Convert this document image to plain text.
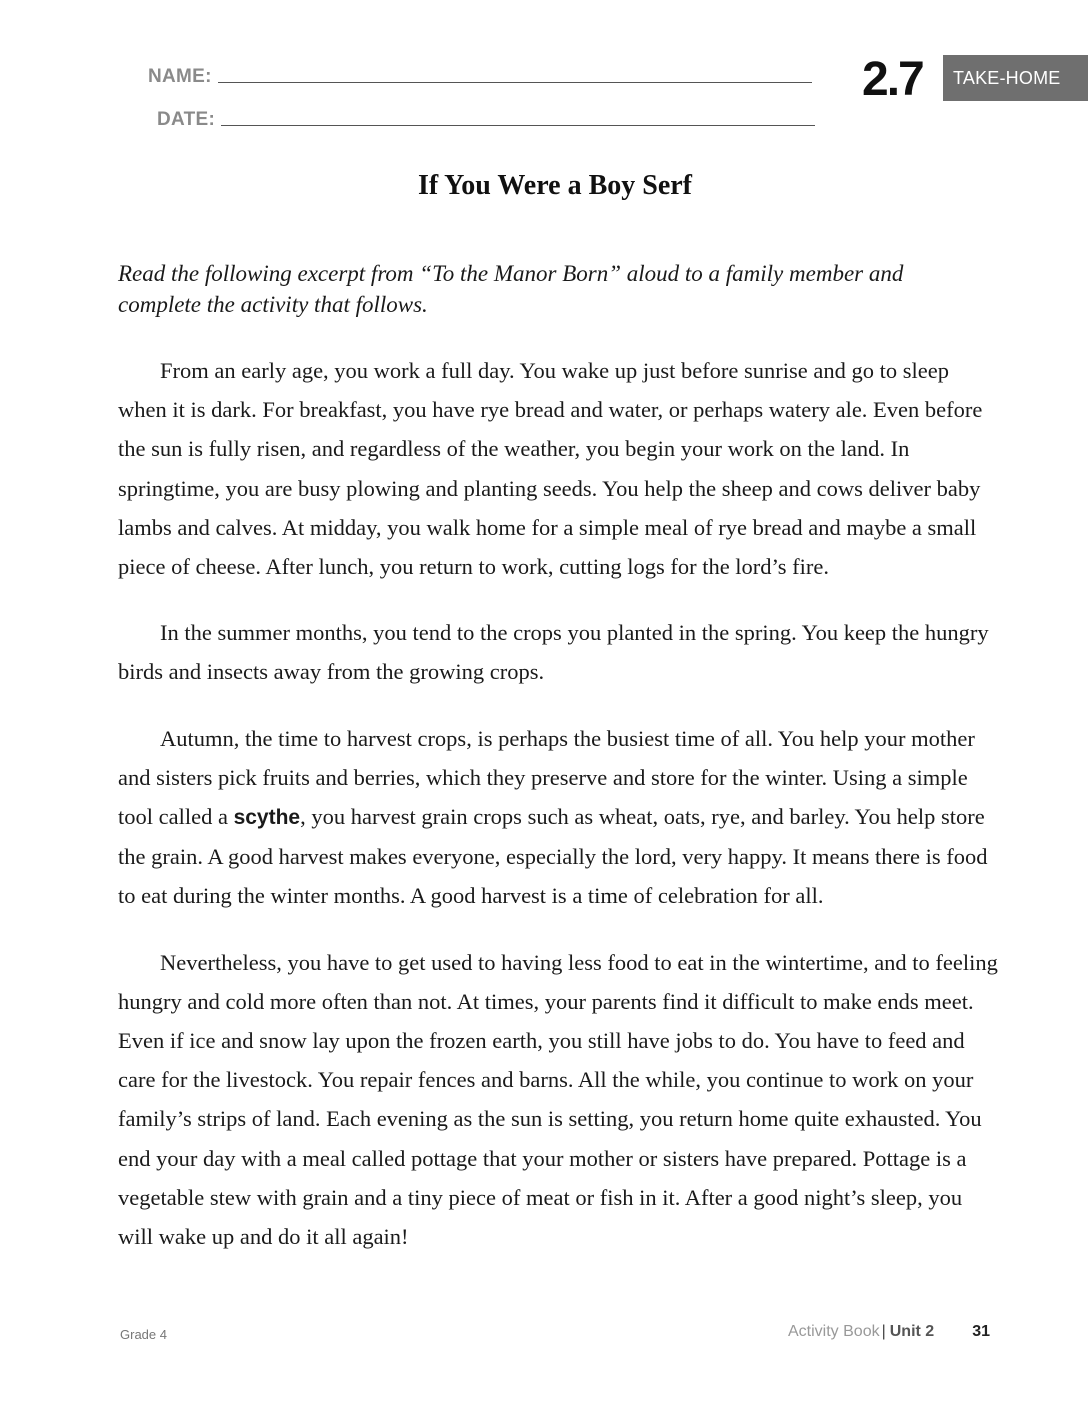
NAME:
DATE:
2.7	TAKE-HOME
If You Were a Boy Serf
Read the following excerpt from “To the Manor Born” aloud to a family member and complete the activity that follows.

From an early age, you work a full day. You wake up just before sunrise and go to sleep when it is dark. For breakfast, you have rye bread and water, or perhaps watery ale. Even before the sun is fully risen, and regardless of the weather, you begin your work on the land. In springtime, you are busy plowing and planting seeds. You help the sheep and cows deliver baby lambs and calves. At midday, you walk home for a simple meal of rye bread and maybe a small piece of cheese. After lunch, you return to work, cutting logs for the lord’s fire.

In the summer months, you tend to the crops you planted in the spring. You keep the hungry birds and insects away from the growing crops.

Autumn, the time to harvest crops, is perhaps the busiest time of all. You help your mother and sisters pick fruits and berries, which they preserve and store for the winter. Using a simple tool called a scythe, you harvest grain crops such as wheat, oats, rye, and barley. You help store the grain. A good harvest makes everyone, especially the lord, very happy. It means there is food to eat during the winter months. A good harvest is a time of celebration for all.

Nevertheless, you have to get used to having less food to eat in the wintertime, and to feeling hungry and cold more often than not. At times, your parents find it difficult to make ends meet. Even if ice and snow lay upon the frozen earth, you still have jobs to do. You have to feed and care for the livestock. You repair fences and barns. All the while, you continue to work on your family’s strips of land. Each evening as the sun is setting, you return home quite exhausted. You end your day with a meal called pottage that your mother or sisters have prepared. Pottage is a vegetable stew with grain and a tiny piece of meat or fish in it. After a good night’s sleep, you will wake up and do it all again!

Grade 4	Activity Book | Unit 2 31
